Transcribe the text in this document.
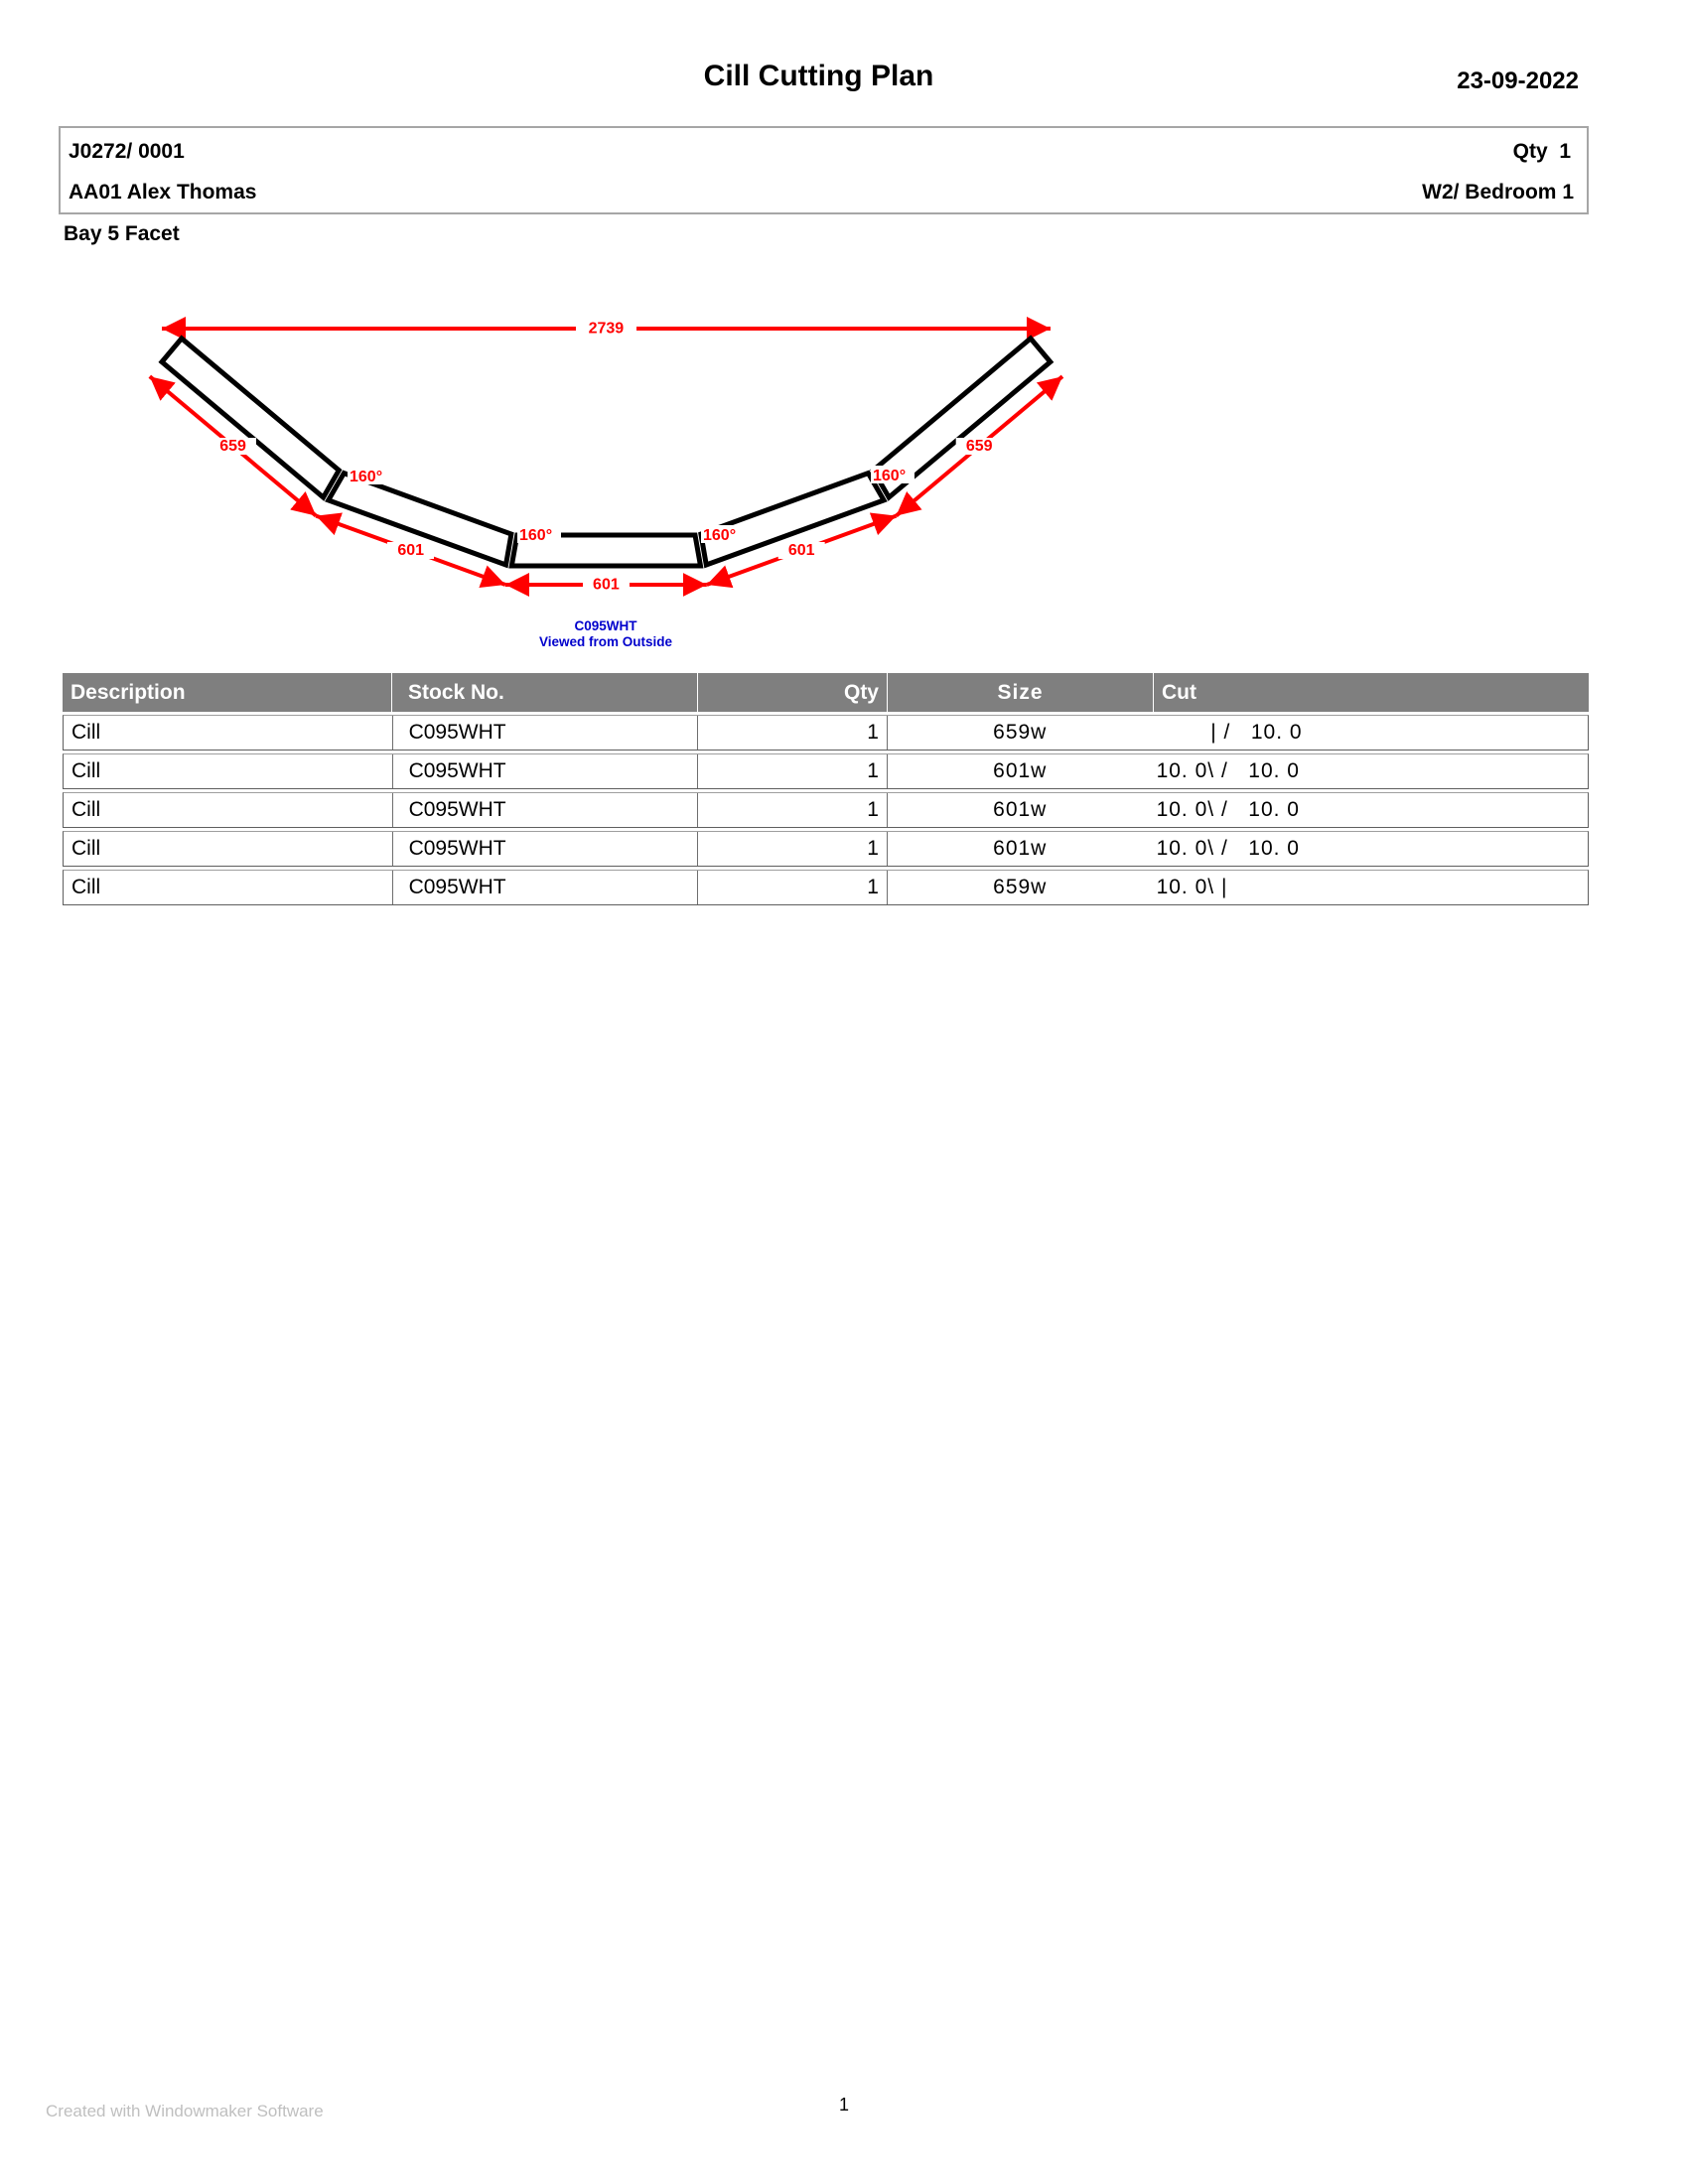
2739
659
601
601
601
659
160°
160°	160°
160°
C095WHT
Viewed from Outside
Cill Cutting Plan	23-09-2022
J0272/ 0001	Qty  1
AA01 Alex Thomas	W2/ Bedroom 1
Bay 5 Facet
Description	Stock No.	Qty	Size	Cut
Cill	C095WHT	1	659w	| /   10. 0
Cill	C095WHT	1	601w	10. 0\ /   10. 0
Cill	C095WHT	1	601w	10. 0\ /   10. 0
Cill	C095WHT	1	601w	10. 0\ /   10. 0
Cill	C095WHT	1	659w	10. 0\ |
Created with Windowmaker Software	1
